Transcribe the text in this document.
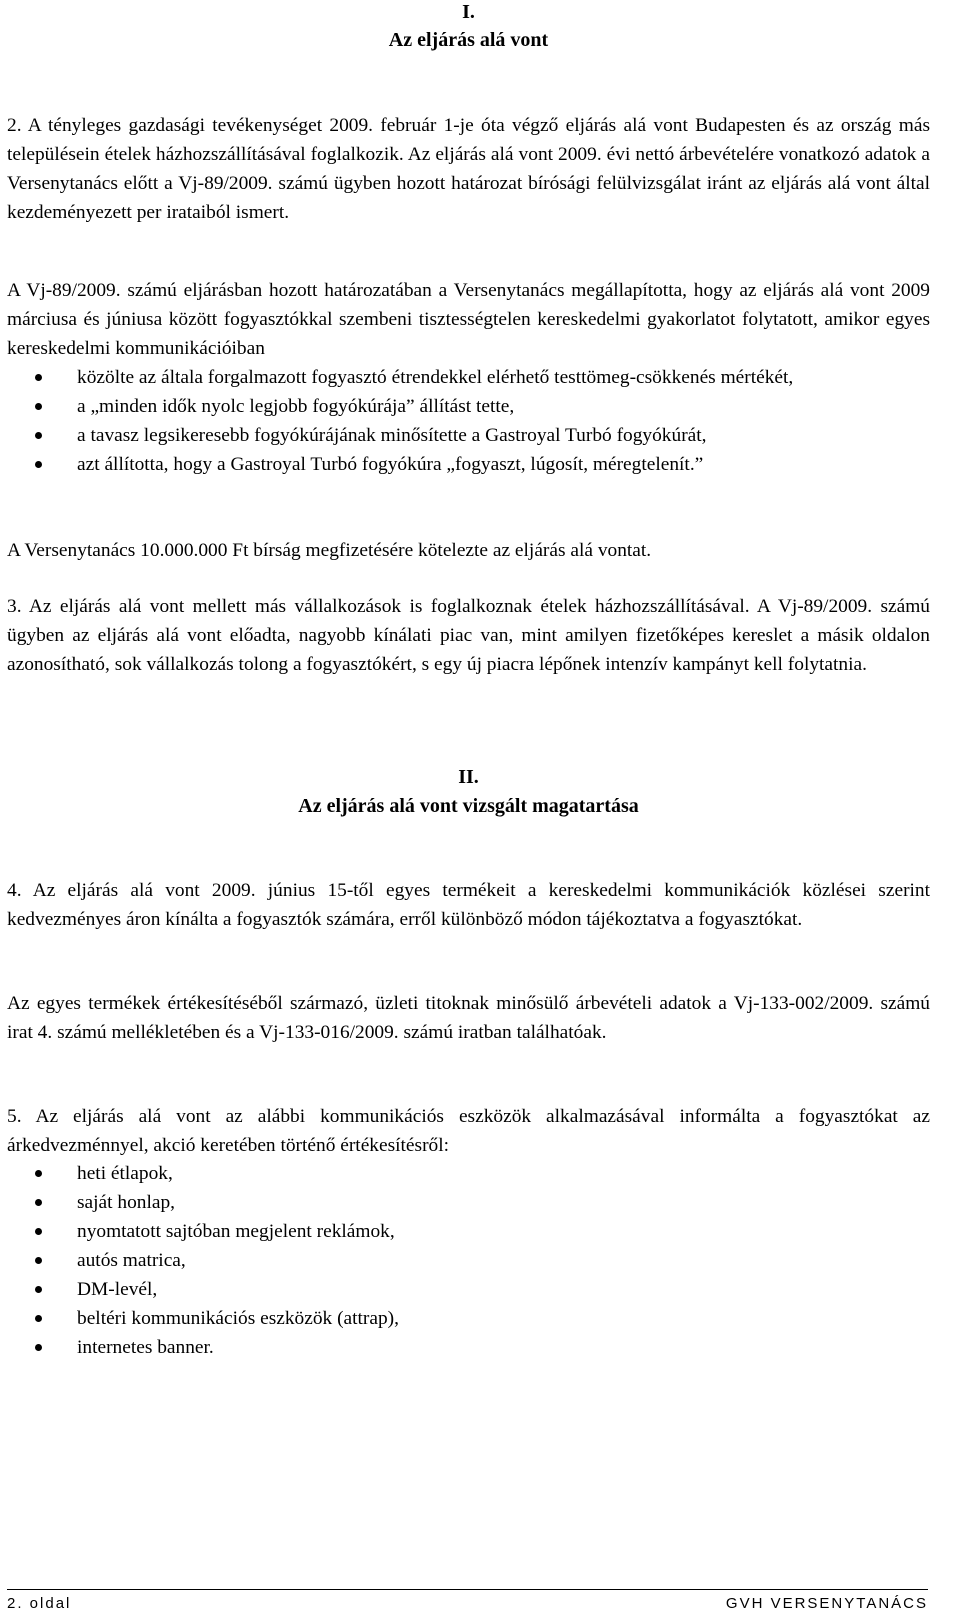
I.
Az eljárás alá vont

2. A tényleges gazdasági tevékenységet 2009. február 1-je óta végző eljárás alá vont Budapesten és az ország más településein ételek házhozszállításával foglalkozik. Az eljárás alá vont 2009. évi nettó árbevételére vonatkozó adatok a Versenytanács előtt a Vj-89/2009. számú ügyben hozott határozat bírósági felülvizsgálat iránt az eljárás alá vont által kezdeményezett per irataiból ismert.

A Vj-89/2009. számú eljárásban hozott határozatában a Versenytanács megállapította, hogy az eljárás alá vont 2009 márciusa és júniusa között fogyasztókkal szembeni tisztességtelen kereskedelmi gyakorlatot folytatott, amikor egyes kereskedelmi kommunikációiban

közölte az általa forgalmazott fogyasztó étrendekkel elérhető testtömeg-csökkenés mértékét,
a „minden idők nyolc legjobb fogyókúrája” állítást tette,
a tavasz legsikeresebb fogyókúrájának minősítette a Gastroyal Turbó fogyókúrát,
azt állította, hogy a Gastroyal Turbó fogyókúra „fogyaszt, lúgosít, méregtelenít.”

A Versenytanács 10.000.000 Ft bírság megfizetésére kötelezte az eljárás alá vontat.

3. Az eljárás alá vont mellett más vállalkozások is foglalkoznak ételek házhozszállításával. A Vj-89/2009. számú ügyben az eljárás alá vont előadta, nagyobb kínálati piac van, mint amilyen fizetőképes kereslet a másik oldalon azonosítható, sok vállalkozás tolong a fogyasztókért, s egy új piacra lépőnek intenzív kampányt kell folytatnia.

II.
Az eljárás alá vont vizsgált magatartása

4. Az eljárás alá vont 2009. június 15-től egyes termékeit a kereskedelmi kommunikációk közlései szerint kedvezményes áron kínálta a fogyasztók számára, erről különböző módon tájékoztatva a fogyasztókat.

Az egyes termékek értékesítéséből származó, üzleti titoknak minősülő árbevételi adatok a Vj-133-002/2009. számú irat 4. számú mellékletében és a Vj-133-016/2009. számú iratban találhatóak.

5. Az eljárás alá vont az alábbi kommunikációs eszközök alkalmazásával informálta a fogyasztókat az árkedvezménnyel, akció keretében történő értékesítésről:

heti étlapok,
saját honlap,
nyomtatott sajtóban megjelent reklámok,
autós matrica,
DM-levél,
beltéri kommunikációs eszközök (attrap),
internetes banner.
2. oldal	GVH VERSENYTANÁCS
